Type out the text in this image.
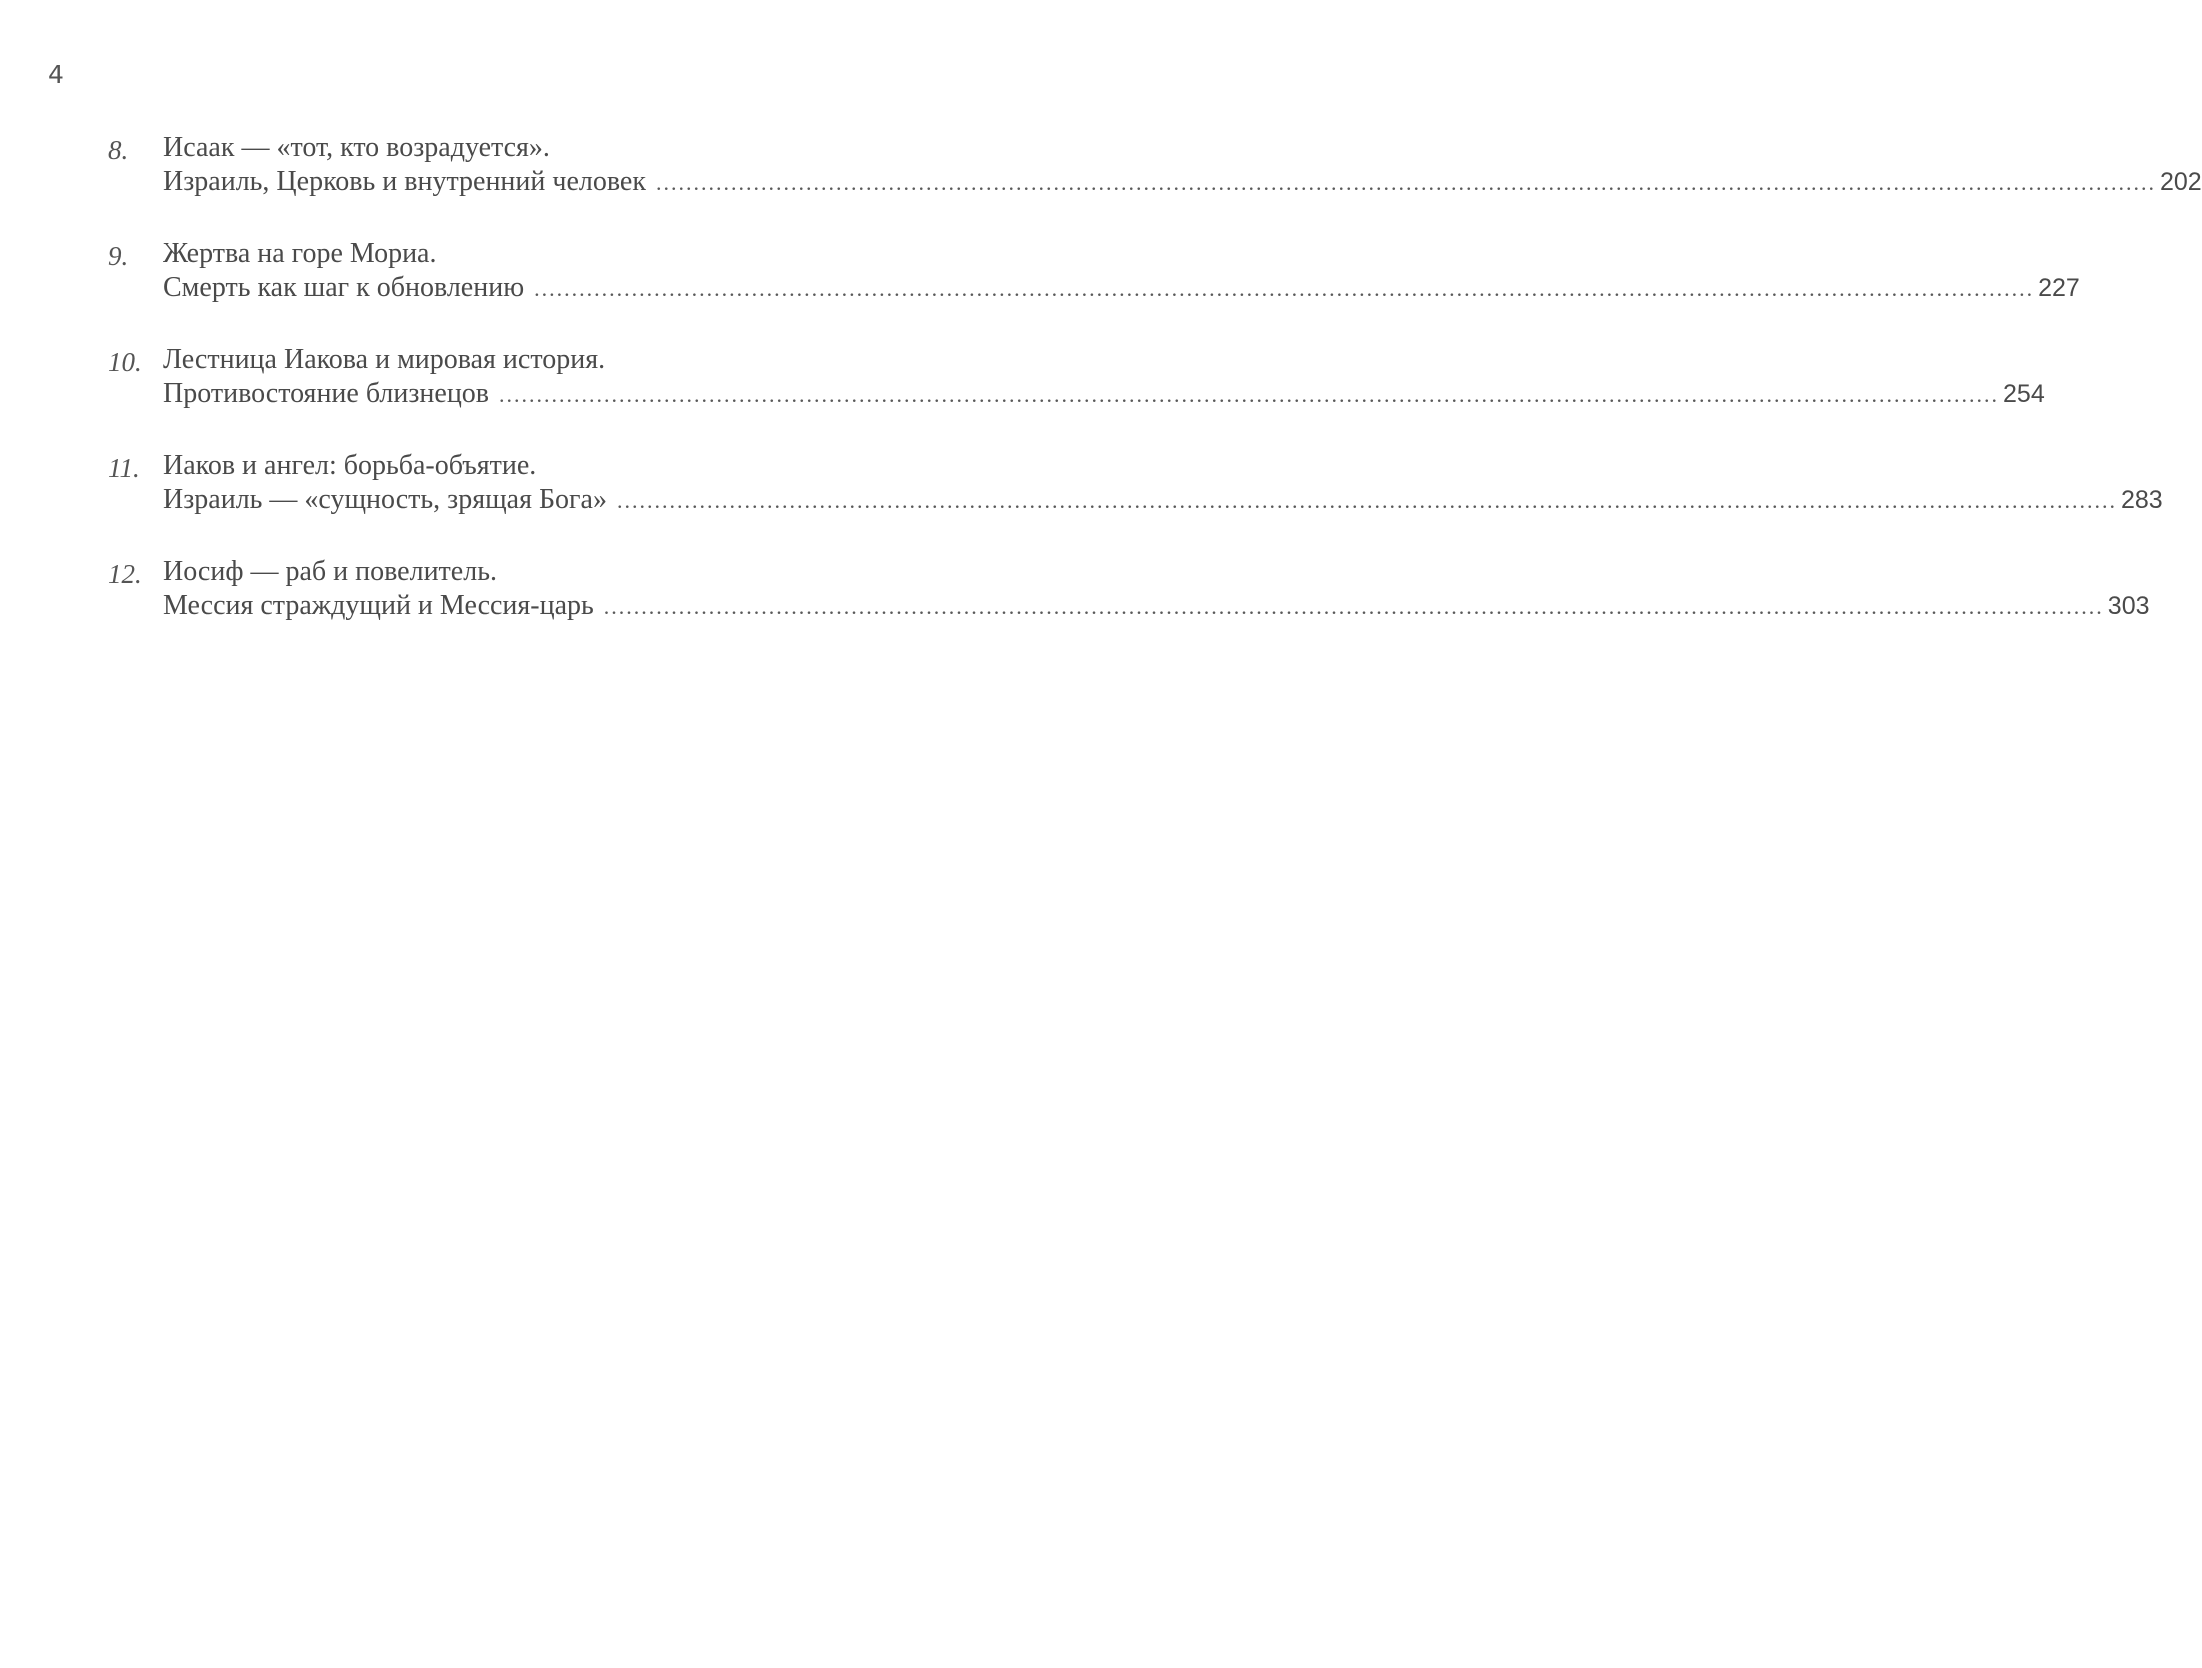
4
8.	Исаак — «тот, кто возрадуется».
Израиль, Церковь и внутренний человек ........................................................................................................................................................................................................ 202
9.	Жертва на горе Мориа.
Смерть как шаг к обновлению ........................................................................................................................................................................................................ 227
10. Лестница Иакова и мировая история.
Противостояние близнецов ........................................................................................................................................................................................................ 254
11. Иаков и ангел: борьба-объятие.
Израиль — «сущность, зрящая Бога» ........................................................................................................................................................................................................ 283
12. Иосиф — раб и повелитель.
Мессия страждущий и Мессия-царь ........................................................................................................................................................................................................ 303
